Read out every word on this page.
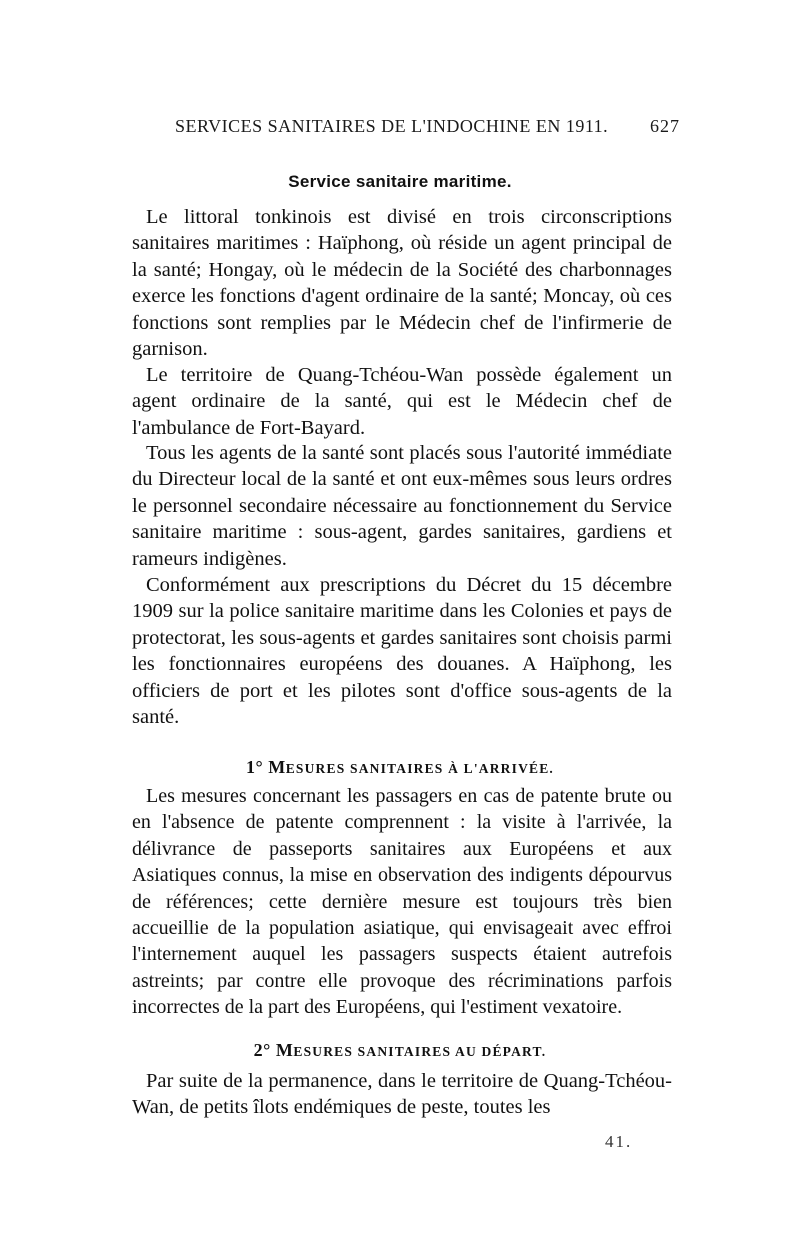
SERVICES SANITAIRES DE L'INDOCHINE EN 1911. 627
Service sanitaire maritime.

Le littoral tonkinois est divisé en trois circonscriptions sanitaires maritimes : Haïphong, où réside un agent principal de la santé; Hongay, où le médecin de la Société des charbonnages exerce les fonctions d'agent ordinaire de la santé; Moncay, où ces fonctions sont remplies par le Médecin chef de l'infirmerie de garnison.

Le territoire de Quang-Tchéou-Wan possède également un agent ordinaire de la santé, qui est le Médecin chef de l'ambulance de Fort-Bayard.

Tous les agents de la santé sont placés sous l'autorité immédiate du Directeur local de la santé et ont eux-mêmes sous leurs ordres le personnel secondaire nécessaire au fonctionnement du Service sanitaire maritime : sous-agent, gardes sanitaires, gardiens et rameurs indigènes.

Conformément aux prescriptions du Décret du 15 décembre 1909 sur la police sanitaire maritime dans les Colonies et pays de protectorat, les sous-agents et gardes sanitaires sont choisis parmi les fonctionnaires européens des douanes. A Haïphong, les officiers de port et les pilotes sont d'office sous-agents de la santé.

1° MESURES SANITAIRES À L'ARRIVÉE.

Les mesures concernant les passagers en cas de patente brute ou en l'absence de patente comprennent : la visite à l'arrivée, la délivrance de passeports sanitaires aux Européens et aux Asiatiques connus, la mise en observation des indigents dépourvus de références; cette dernière mesure est toujours très bien accueillie de la population asiatique, qui envisageait avec effroi l'internement auquel les passagers suspects étaient autrefois astreints; par contre elle provoque des récriminations parfois incorrectes de la part des Européens, qui l'estiment vexatoire.

2° MESURES SANITAIRES AU DÉPART.

Par suite de la permanence, dans le territoire de Quang-Tchéou-Wan, de petits îlots endémiques de peste, toutes les

41.
